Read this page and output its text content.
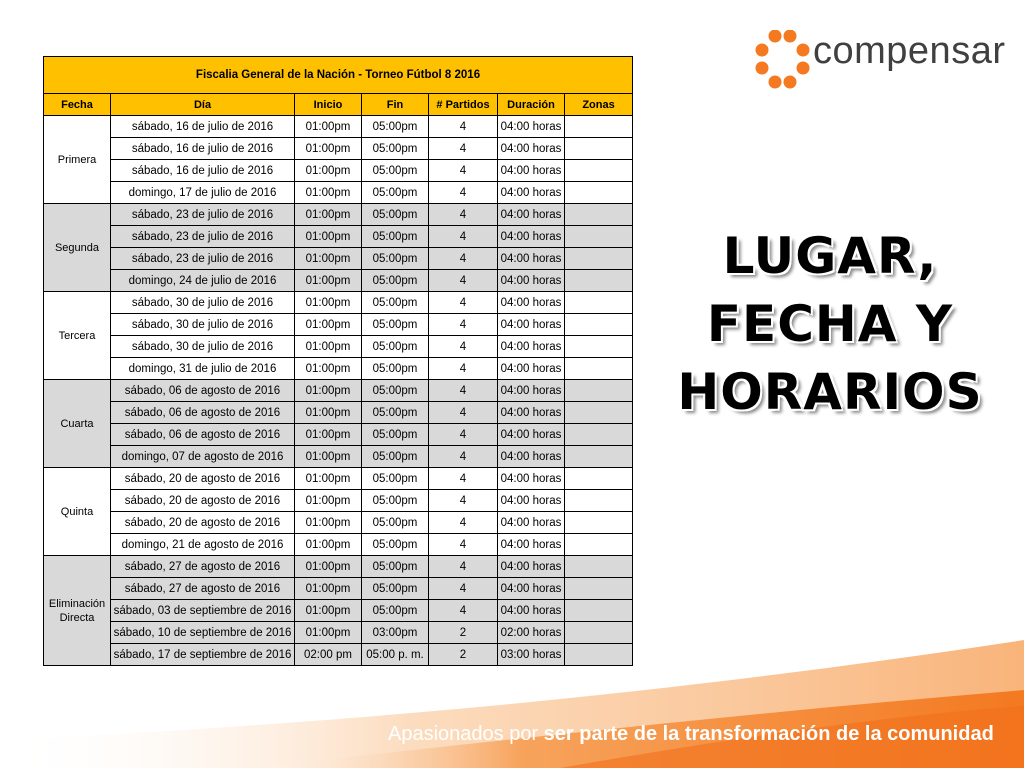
Fiscalia General de la Nación - Torneo Fútbol 8 2016						
Fecha	Día	Inicio	Fin	# Partidos	Duración	Zonas
Primera	sábado, 16 de julio de 2016	01:00pm	05:00pm	4	04:00 horas	
	sábado, 16 de julio de 2016	01:00pm	05:00pm	4	04:00 horas	
	sábado, 16 de julio de 2016	01:00pm	05:00pm	4	04:00 horas	
	domingo, 17 de julio de 2016	01:00pm	05:00pm	4	04:00 horas	
Segunda	sábado, 23 de julio de 2016	01:00pm	05:00pm	4	04:00 horas	
	sábado, 23 de julio de 2016	01:00pm	05:00pm	4	04:00 horas	
	sábado, 23 de julio de 2016	01:00pm	05:00pm	4	04:00 horas	
	domingo, 24 de julio de 2016	01:00pm	05:00pm	4	04:00 horas	
Tercera	sábado, 30 de julio de 2016	01:00pm	05:00pm	4	04:00 horas	
	sábado, 30 de julio de 2016	01:00pm	05:00pm	4	04:00 horas	
	sábado, 30 de julio de 2016	01:00pm	05:00pm	4	04:00 horas	
	domingo, 31 de julio de 2016	01:00pm	05:00pm	4	04:00 horas	
Cuarta	sábado, 06 de agosto de 2016	01:00pm	05:00pm	4	04:00 horas	
	sábado, 06 de agosto de 2016	01:00pm	05:00pm	4	04:00 horas	
	sábado, 06 de agosto de 2016	01:00pm	05:00pm	4	04:00 horas	
	domingo, 07 de agosto de 2016	01:00pm	05:00pm	4	04:00 horas	
Quinta	sábado, 20 de agosto de 2016	01:00pm	05:00pm	4	04:00 horas	
	sábado, 20 de agosto de 2016	01:00pm	05:00pm	4	04:00 horas	
	sábado, 20 de agosto de 2016	01:00pm	05:00pm	4	04:00 horas	
	domingo, 21 de agosto de 2016	01:00pm	05:00pm	4	04:00 horas	
Eliminación Directa	sábado, 27 de agosto de 2016	01:00pm	05:00pm	4	04:00 horas	
	sábado, 27 de agosto de 2016	01:00pm	05:00pm	4	04:00 horas	
	sábado, 03 de septiembre de 2016	01:00pm	05:00pm	4	04:00 horas	
	sábado, 10 de septiembre de 2016	01:00pm	03:00pm	2	02:00 horas	
	sábado, 17 de septiembre de 2016	02:00 pm	05:00 p. m.	2	03:00 horas	
compensar
LUGAR,
FECHA Y
HORARIOS
Apasionados por ser parte de la transformación de la comunidad
